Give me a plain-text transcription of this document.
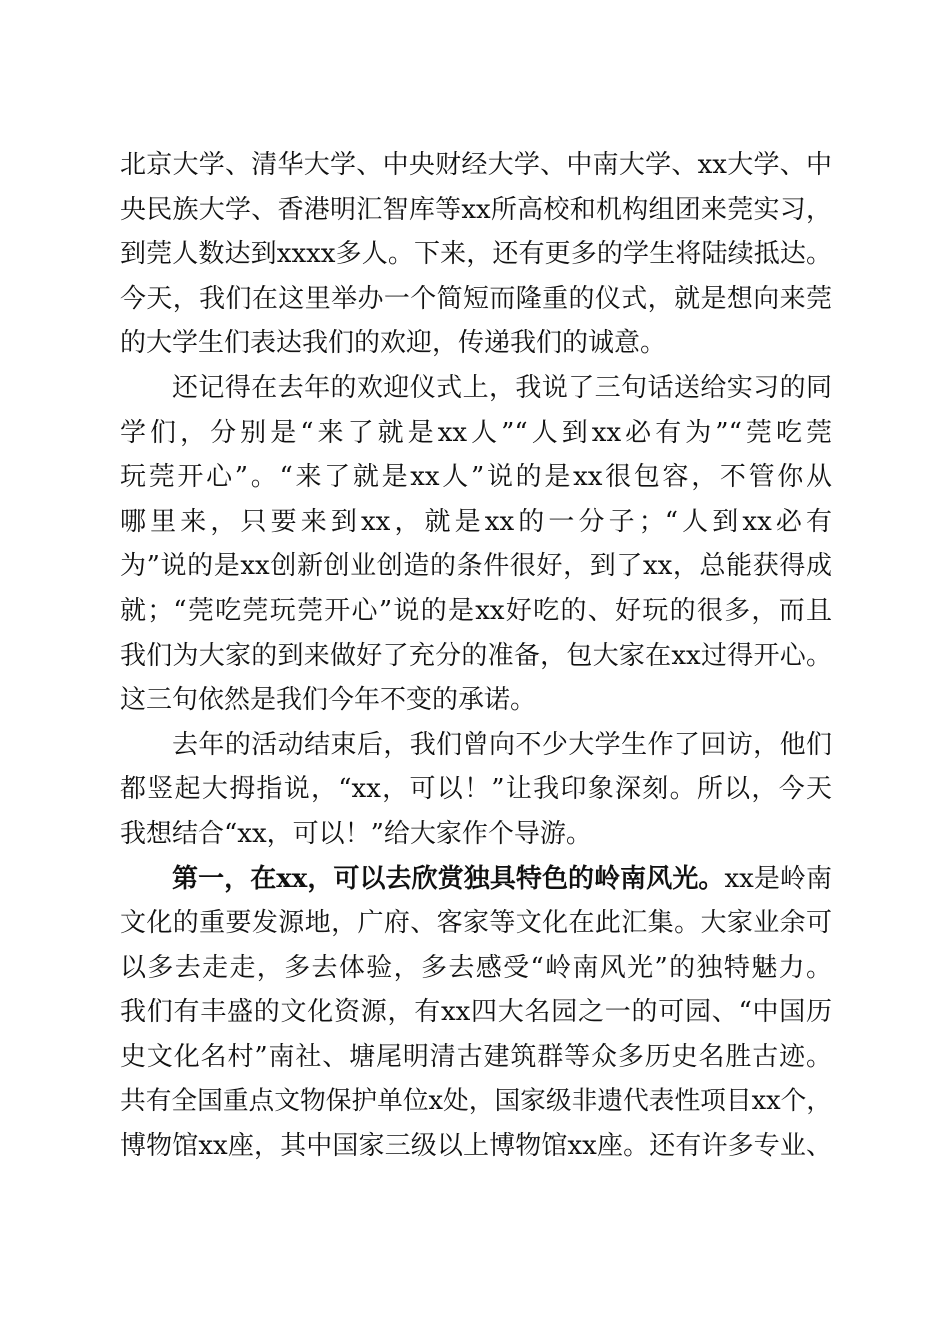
北京大学、清华大学、中央财经大学、中南大学、xx大学、中
央民族大学、香港明汇智库等xx所高校和机构组团来莞实习，
到莞人数达到xxxx多人。下来，还有更多的学生将陆续抵达。
今天，我们在这里举办一个简短而隆重的仪式，就是想向来莞
的大学生们表达我们的欢迎，传递我们的诚意。
还记得在去年的欢迎仪式上，我说了三句话送给实习的同
学们，分别是“来了就是xx人”“人到xx必有为”“莞吃莞
玩莞开心”。“来了就是xx人”说的是xx很包容，不管你从
哪里来，只要来到xx，就是xx的一分子；“人到xx必有
为”说的是xx创新创业创造的条件很好，到了xx，总能获得成
就；“莞吃莞玩莞开心”说的是xx好吃的、好玩的很多，而且
我们为大家的到来做好了充分的准备，包大家在xx过得开心。
这三句依然是我们今年不变的承诺。
去年的活动结束后，我们曾向不少大学生作了回访，他们
都竖起大拇指说，“xx，可以！”让我印象深刻。所以，今天
我想结合“xx，可以！”给大家作个导游。
第一，在xx，可以去欣赏独具特色的岭南风光。xx是岭南
文化的重要发源地，广府、客家等文化在此汇集。大家业余可
以多去走走，多去体验，多去感受“岭南风光”的独特魅力。
我们有丰盛的文化资源，有xx四大名园之一的可园、“中国历
史文化名村”南社、塘尾明清古建筑群等众多历史名胜古迹。
共有全国重点文物保护单位x处，国家级非遗代表性项目xx个，
博物馆xx座，其中国家三级以上博物馆xx座。还有许多专业、
